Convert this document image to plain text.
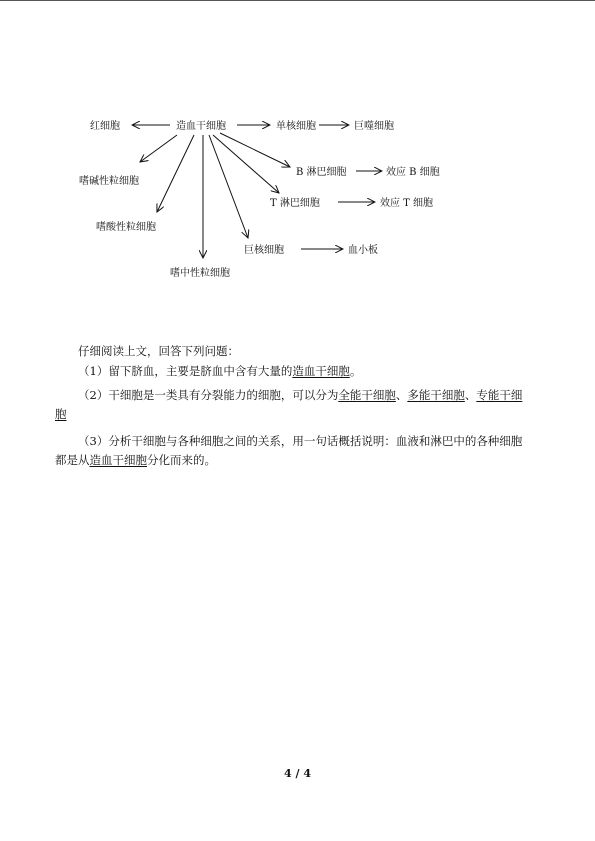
红细胞	造血干细胞	单核细胞	巨噬细胞
嗜碱性粒细胞
B 淋巴细胞	效应 B 细胞
T 淋巴细胞	效应 T 细胞
嗜酸性粒细胞
巨核细胞	血小板
嗜中性粒细胞
仔细阅读上文，回答下列问题：
（1）留下脐血，主要是脐血中含有大量的造血干细胞。
（2）干细胞是一类具有分裂能力的细胞，可以分为全能干细胞、多能干细胞、专能干细
胞
（3）分析干细胞与各种细胞之间的关系，用一句话概括说明：血液和淋巴中的各种细胞
都是从造血干细胞分化而来的。
4 / 4
